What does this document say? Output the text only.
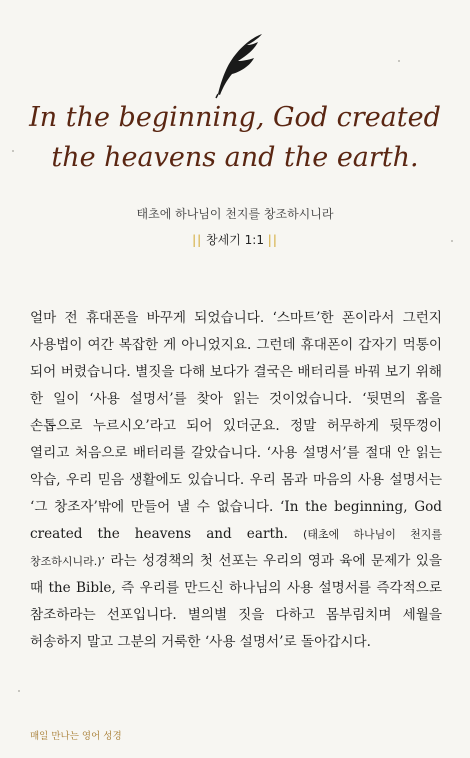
In the beginning, God created
the heavens and the earth.
태초에 하나님이 천지를 창조하시니라
|| 창세기 1:1 ||
얼마 전 휴대폰을 바꾸게 되었습니다. ‘스마트’한 폰이라서 그런지 사용법이 여간 복잡한 게 아니었지요. 그런데 휴대폰이 갑자기 먹통이 되어 버렸습니다. 별짓을 다해 보다가 결국은 배터리를 바꿔 보기 위해 한 일이 ‘사용 설명서’를 찾아 읽는 것이었습니다. ‘뒷면의 홈을 손톱으로 누르시오’라고 되어 있더군요. 정말 허무하게 뒷뚜껑이 열리고 처음으로 배터리를 갈았습니다. ‘사용 설명서’를 절대 안 읽는 악습, 우리 믿음 생활에도 있습니다. 우리 몸과 마음의 사용 설명서는 ‘그 창조자’밖에 만들어 낼 수 없습니다. ‘In the beginning, God created the heavens and earth. (태초에 하나님이 천지를 창조하시니라.)’ 라는 성경책의 첫 선포는 우리의 영과 육에 문제가 있을 때 the Bible, 즉 우리를 만드신 하나님의 사용 설명서를 즉각적으로 참조하라는 선포입니다. 별의별 짓을 다하고 몸부림치며 세월을 허송하지 말고 그분의 거룩한 ‘사용 설명서’로 돌아갑시다.
매일 만나는 영어 성경
